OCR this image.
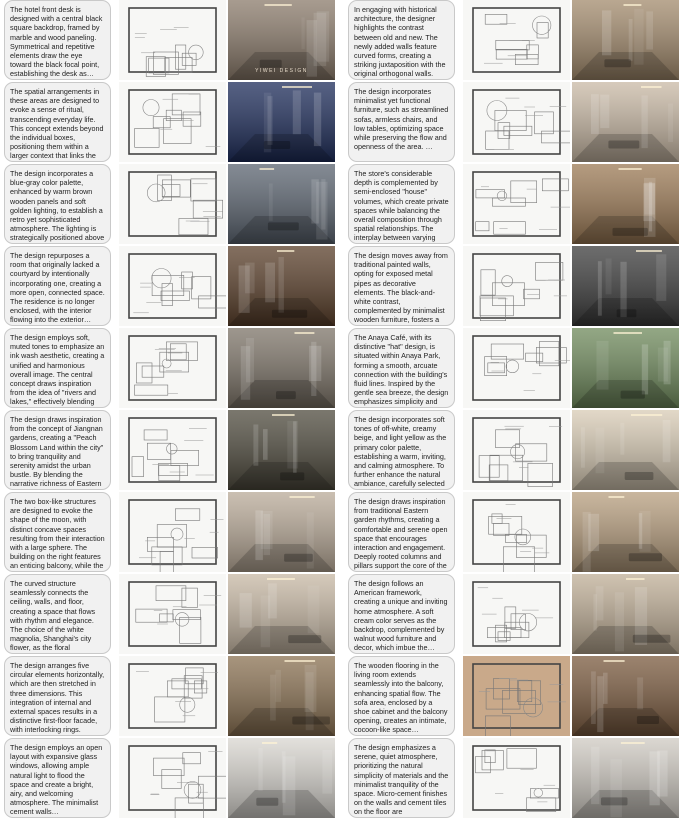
The hotel front desk is designed with a central black square backdrop, framed by marble and wood paneling. Symmetrical and repetitive elements draw the eye toward the black focal point, establishing the desk as…	YIWEI DESIGN
The spatial arrangements in these areas are designed to evoke a sense of ritual, transcending everyday life. This concept extends beyond the individual boxes, positioning them within a larger context that links the
The design incorporates a blue-gray color palette, enhanced by warm brown wooden panels and soft golden lighting, to establish a retro yet sophisticated atmosphere. The lighting is strategically positioned above
The design repurposes a room that originally lacked a courtyard by intentionally incorporating one, creating a more open, connected space. The residence is no longer enclosed, with the interior flowing into the exterior…
The design employs soft, muted tones to emphasize an ink wash aesthetic, creating a unified and harmonious overall image. The central concept draws inspiration from the idea of "rivers and lakes," effectively blending
The design draws inspiration from the concept of Jiangnan gardens, creating a "Peach Blossom Land within the city" to bring tranquility and serenity amidst the urban bustle. By blending the narrative richness of Eastern
The two box-like structures are designed to evoke the shape of the moon, with distinct concave spaces resulting from their interaction with a large sphere. The building on the right features an enticing balcony, while the
The curved structure seamlessly connects the ceiling, walls, and floor, creating a space that flows with rhythm and elegance. The choice of the white magnolia, Shanghai's city flower, as the floral
The design arranges five circular elements horizontally, which are then stretched in three dimensions. This integration of internal and external spaces results in a distinctive first-floor facade, with interlocking rings.
The design employs an open layout with expansive glass windows, allowing ample natural light to flood the space and create a bright, airy, and welcoming atmosphere. The minimalist cement walls…
In engaging with historical architecture, the designer highlights the contrast between old and new. The newly added walls feature curved forms, creating a striking juxtaposition with the original orthogonal walls.
The design incorporates minimalist yet functional furniture, such as streamlined sofas, armless chairs, and low tables, optimizing space while preserving the flow and openness of the area. …
The store's considerable depth is complemented by semi-enclosed "house" volumes, which create private spaces while balancing the overall composition through spatial relationships. The interplay between varying
The design moves away from traditional painted walls, opting for exposed metal pipes as decorative elements. The black-and-white contrast, complemented by minimalist wooden furniture, fosters a
The Anaya Café, with its distinctive "hat" design, is situated within Anaya Park, forming a smooth, arcuate connection with the building's fluid lines. Inspired by the gentle sea breeze, the design emphasizes simplicity and
The design incorporates soft tones of off-white, creamy beige, and light yellow as the primary color palette, establishing a warm, inviting, and calming atmosphere. To further enhance the natural ambiance, carefully selected
The design draws inspiration from traditional Eastern garden rhythms, creating a comfortable and serene open space that encourages interaction and engagement. Deeply rooted columns and pillars support the core of the
The design follows an American framework, creating a unique and inviting home atmosphere. A soft cream color serves as the backdrop, complemented by walnut wood furniture and decor, which imbue the…
The wooden flooring in the living room extends seamlessly into the balcony, enhancing spatial flow. The sofa area, enclosed by a shoe cabinet and the balcony opening, creates an intimate, cocoon-like space…
The design emphasizes a serene, quiet atmosphere, prioritizing the natural simplicity of materials and the minimalist tranquility of the space. Micro-cement finishes on the walls and cement tiles on the floor are
